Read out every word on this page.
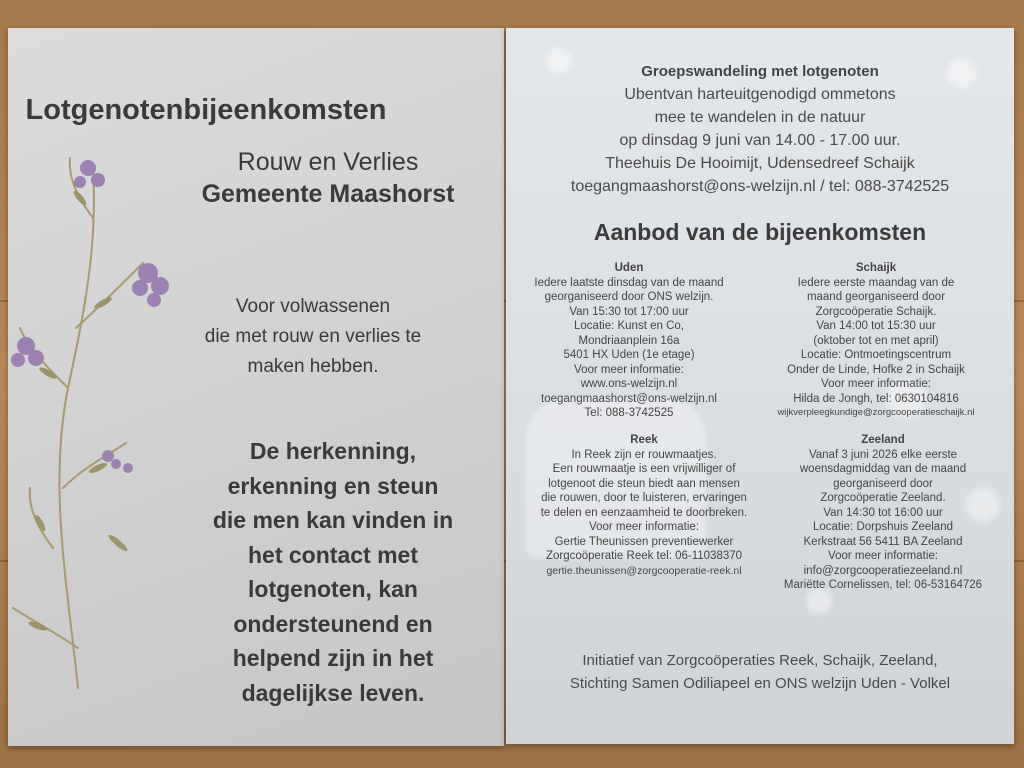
Lotgenotenbijeenkomsten
Rouw en Verlies
Gemeente Maashorst
Voor volwassenen
die met rouw en verlies te
maken hebben.
De herkenning,
erkenning en steun
die men kan vinden in
het contact met
lotgenoten, kan
ondersteunend en
helpend zijn in het
dagelijkse leven.
Groepswandeling met lotgenoten
Ubentvan harteuitgenodigd ommetons
mee te wandelen in de natuur
op dinsdag 9 juni van 14.00 - 17.00 uur.
Theehuis De Hooimijt, Udensedreef Schaijk
toegangmaashorst@ons-welzijn.nl / tel: 088-3742525
Aanbod van de bijeenkomsten
Uden
Iedere laatste dinsdag van de maand
georganiseerd door ONS welzijn.
Van 15:30 tot 17:00 uur
Locatie: Kunst en Co,
Mondriaanplein 16a
5401 HX Uden (1e etage)
Voor meer informatie:
www.ons-welzijn.nl
toegangmaashorst@ons-welzijn.nl
Tel: 088-3742525
Schaijk
Iedere eerste maandag van de
maand georganiseerd door
Zorgcoöperatie Schaijk.
Van 14:00 tot 15:30 uur
(oktober tot en met april)
Locatie: Ontmoetingscentrum
Onder de Linde, Hofke 2 in Schaijk
Voor meer informatie:
Hilda de Jongh, tel: 0630104816
wijkverpleegkundige@zorgcooperatieschaijk.nl
Reek
In Reek zijn er rouwmaatjes.
Een rouwmaatje is een vrijwilliger of
lotgenoot die steun biedt aan mensen
die rouwen, door te luisteren, ervaringen
te delen en eenzaamheid te doorbreken.
Voor meer informatie:
Gertie Theunissen preventiewerker
Zorgcoöperatie Reek tel: 06-11038370
gertie.theunissen@zorgcooperatie-reek.nl
Zeeland
Vanaf 3 juni 2026 elke eerste
woensdagmiddag van de maand
georganiseerd door
Zorgcoöperatie Zeeland.
Van 14:30 tot 16:00 uur
Locatie: Dorpshuis Zeeland
Kerkstraat 56 5411 BA Zeeland
Voor meer informatie:
info@zorgcooperatiezeeland.nl
Mariëtte Cornelissen, tel: 06-53164726
Initiatief van Zorgcoöperaties Reek, Schaijk, Zeeland,
Stichting Samen Odiliapeel en ONS welzijn Uden - Volkel
